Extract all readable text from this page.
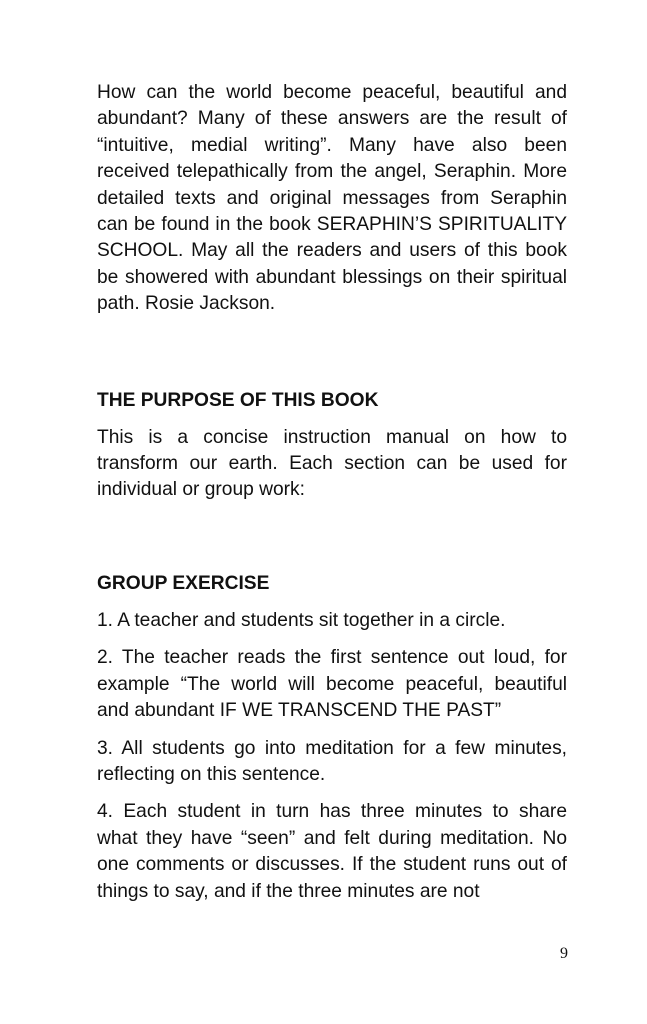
How can the world become peaceful, beautiful and abundant? Many of these answers are the result of “intuitive, medial writing”. Many have also been received telepathically from the angel, Seraphin. More detailed texts and original messages from Seraphin can be found in the book SERAPHIN’S SPIRITUALITY SCHOOL. May all the readers and users of this book be showered with abundant blessings on their spiritual path. Rosie Jackson.

THE PURPOSE OF THIS BOOK

This is a concise instruction manual on how to transform our earth. Each section can be used for individual or group work:

GROUP EXERCISE

1. A teacher and students sit together in a circle.

2. The teacher reads the first sentence out loud, for example “The world will become peaceful, beautiful and abundant IF WE TRANSCEND THE PAST”

3. All students go into meditation for a few minutes, reflecting on this sentence.

4. Each student in turn has three minutes to share what they have “seen” and felt during meditation. No one comments or discusses. If the student runs out of things to say, and if the three minutes are not

9
